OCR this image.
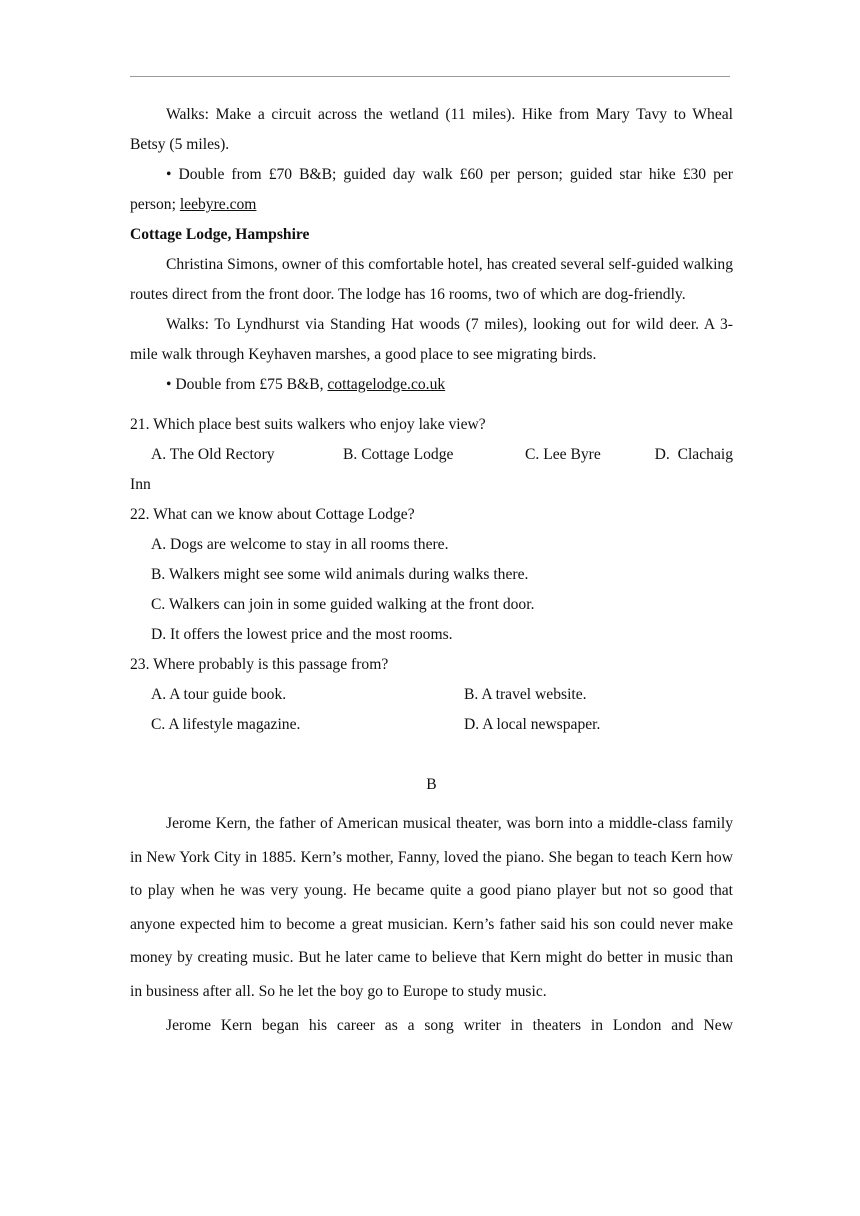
Walks: Make a circuit across the wetland (11 miles). Hike from Mary Tavy to Wheal Betsy (5 miles).

• Double from £70 B&B; guided day walk £60 per person; guided star hike £30 per person; leebyre.com

Cottage Lodge, Hampshire

Christina Simons, owner of this comfortable hotel, has created several self-guided walking routes direct from the front door. The lodge has 16 rooms, two of which are dog-friendly.

Walks: To Lyndhurst via Standing Hat woods (7 miles), looking out for wild deer. A 3-mile walk through Keyhaven marshes, a good place to see migrating birds.

• Double from £75 B&B, cottagelodge.co.uk

21. Which place best suits walkers who enjoy lake view?

A. The Old Rectory	B. Cottage Lodge	C. Lee Byre	D.  Clachaig

Inn

22. What can we know about Cottage Lodge?

A. Dogs are welcome to stay in all rooms there.

B. Walkers might see some wild animals during walks there.

C. Walkers can join in some guided walking at the front door.

D. It offers the lowest price and the most rooms.

23. Where probably is this passage from?

A. A tour guide book.	B. A travel website.
C. A lifestyle magazine.	D. A local newspaper.

B

Jerome Kern, the father of American musical theater, was born into a middle-class family in New York City in 1885. Kern’s mother, Fanny, loved the piano. She began to teach Kern how to play when he was very young. He became quite a good piano player but not so good that anyone expected him to become a great musician. Kern’s father said his son could never make money by creating music. But he later came to believe that Kern might do better in music than in business after all. So he let the boy go to Europe to study music.

Jerome Kern began his career as a song writer in theaters in London and New
